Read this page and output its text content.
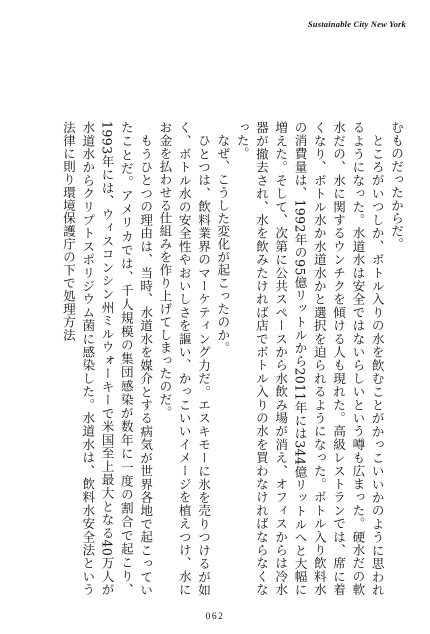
Sustainable City New York

むものだったからだ。

ところがいつしか、ボトル入りの水を飲むことがかっこいいかのように思われるようになった。水道水は安全ではないらしいという噂も広まった。硬水だの軟水だの、水に関するウンチクを傾ける人も現れた。高級レストランでは、席に着くなり、ボトル水か水道水かと選択を迫られるようになった。ボトル入り飲料水の消費量は、1992年の95億リットルから2011年には344億リットルへと大幅に増えた。そして、次第に公共スペースから水飲み場が消え、オフィスからは冷水器が撤去され、水を飲みたければ店でボトル入りの水を買わなければならなくなった。

なぜ、こうした変化が起こったのか。

ひとつは、飲料業界のマーケティング力だ。エスキモーに氷を売りつけるが如く、ボトル水の安全性やおいしさを謳い、かっこいいイメージを植えつけ、水にお金を払わせる仕組みを作り上げてしまったのだ。

もうひとつの理由は、当時、水道水を媒介とする病気が世界各地で起こっていたことだ。アメリカでは、千人規模の集団感染が数年に一度の割合で起こり、1993年には、ウィスコンシン州ミルウォーキーで米国至上最大となる40万人が水道水からクリプトスポリジウム菌に感染した。水道水は、飲料水安全法という法律に則り環境保護庁の下で処理方法

062
